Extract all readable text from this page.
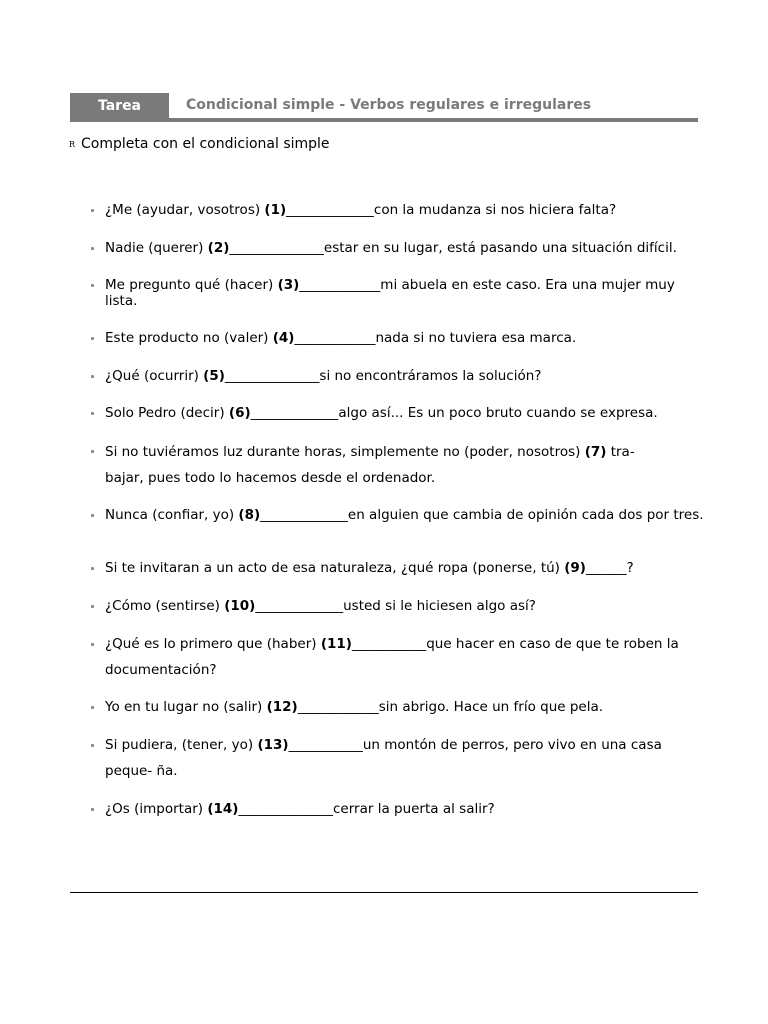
Tarea	Condicional simple - Verbos regulares e irregulares
R Completa con el condicional simple
¿Me (ayudar, vosotros) (1)_____________con la mudanza si nos hiciera falta?
Nadie (querer) (2)______________estar en su lugar, está pasando una situación difícil.
Me pregunto qué (hacer) (3)____________mi abuela en este caso. Era una mujer muy lista.
Este producto no (valer) (4)____________nada si no tuviera esa marca.
¿Qué (ocurrir) (5)______________si no encontráramos la solución?
Solo Pedro (decir) (6)_____________algo así... Es un poco bruto cuando se expresa.
Si no tuviéramos luz durante horas, simplemente no (poder, nosotros) (7) tra- bajar, pues todo lo hacemos desde el ordenador.
Nunca (confiar, yo) (8)_____________en alguien que cambia de opinión cada dos por tres.
Si te invitaran a un acto de esa naturaleza, ¿qué ropa (ponerse, tú) (9)______?
¿Cómo (sentirse) (10)_____________usted si le hiciesen algo así?
¿Qué es lo primero que (haber) (11)___________que hacer en caso de que te roben la documentación?
Yo en tu lugar no (salir) (12)____________sin abrigo. Hace un frío que pela.
Si pudiera, (tener, yo) (13)___________un montón de perros, pero vivo en una casa peque- ña.
¿Os (importar) (14)______________cerrar la puerta al salir?
